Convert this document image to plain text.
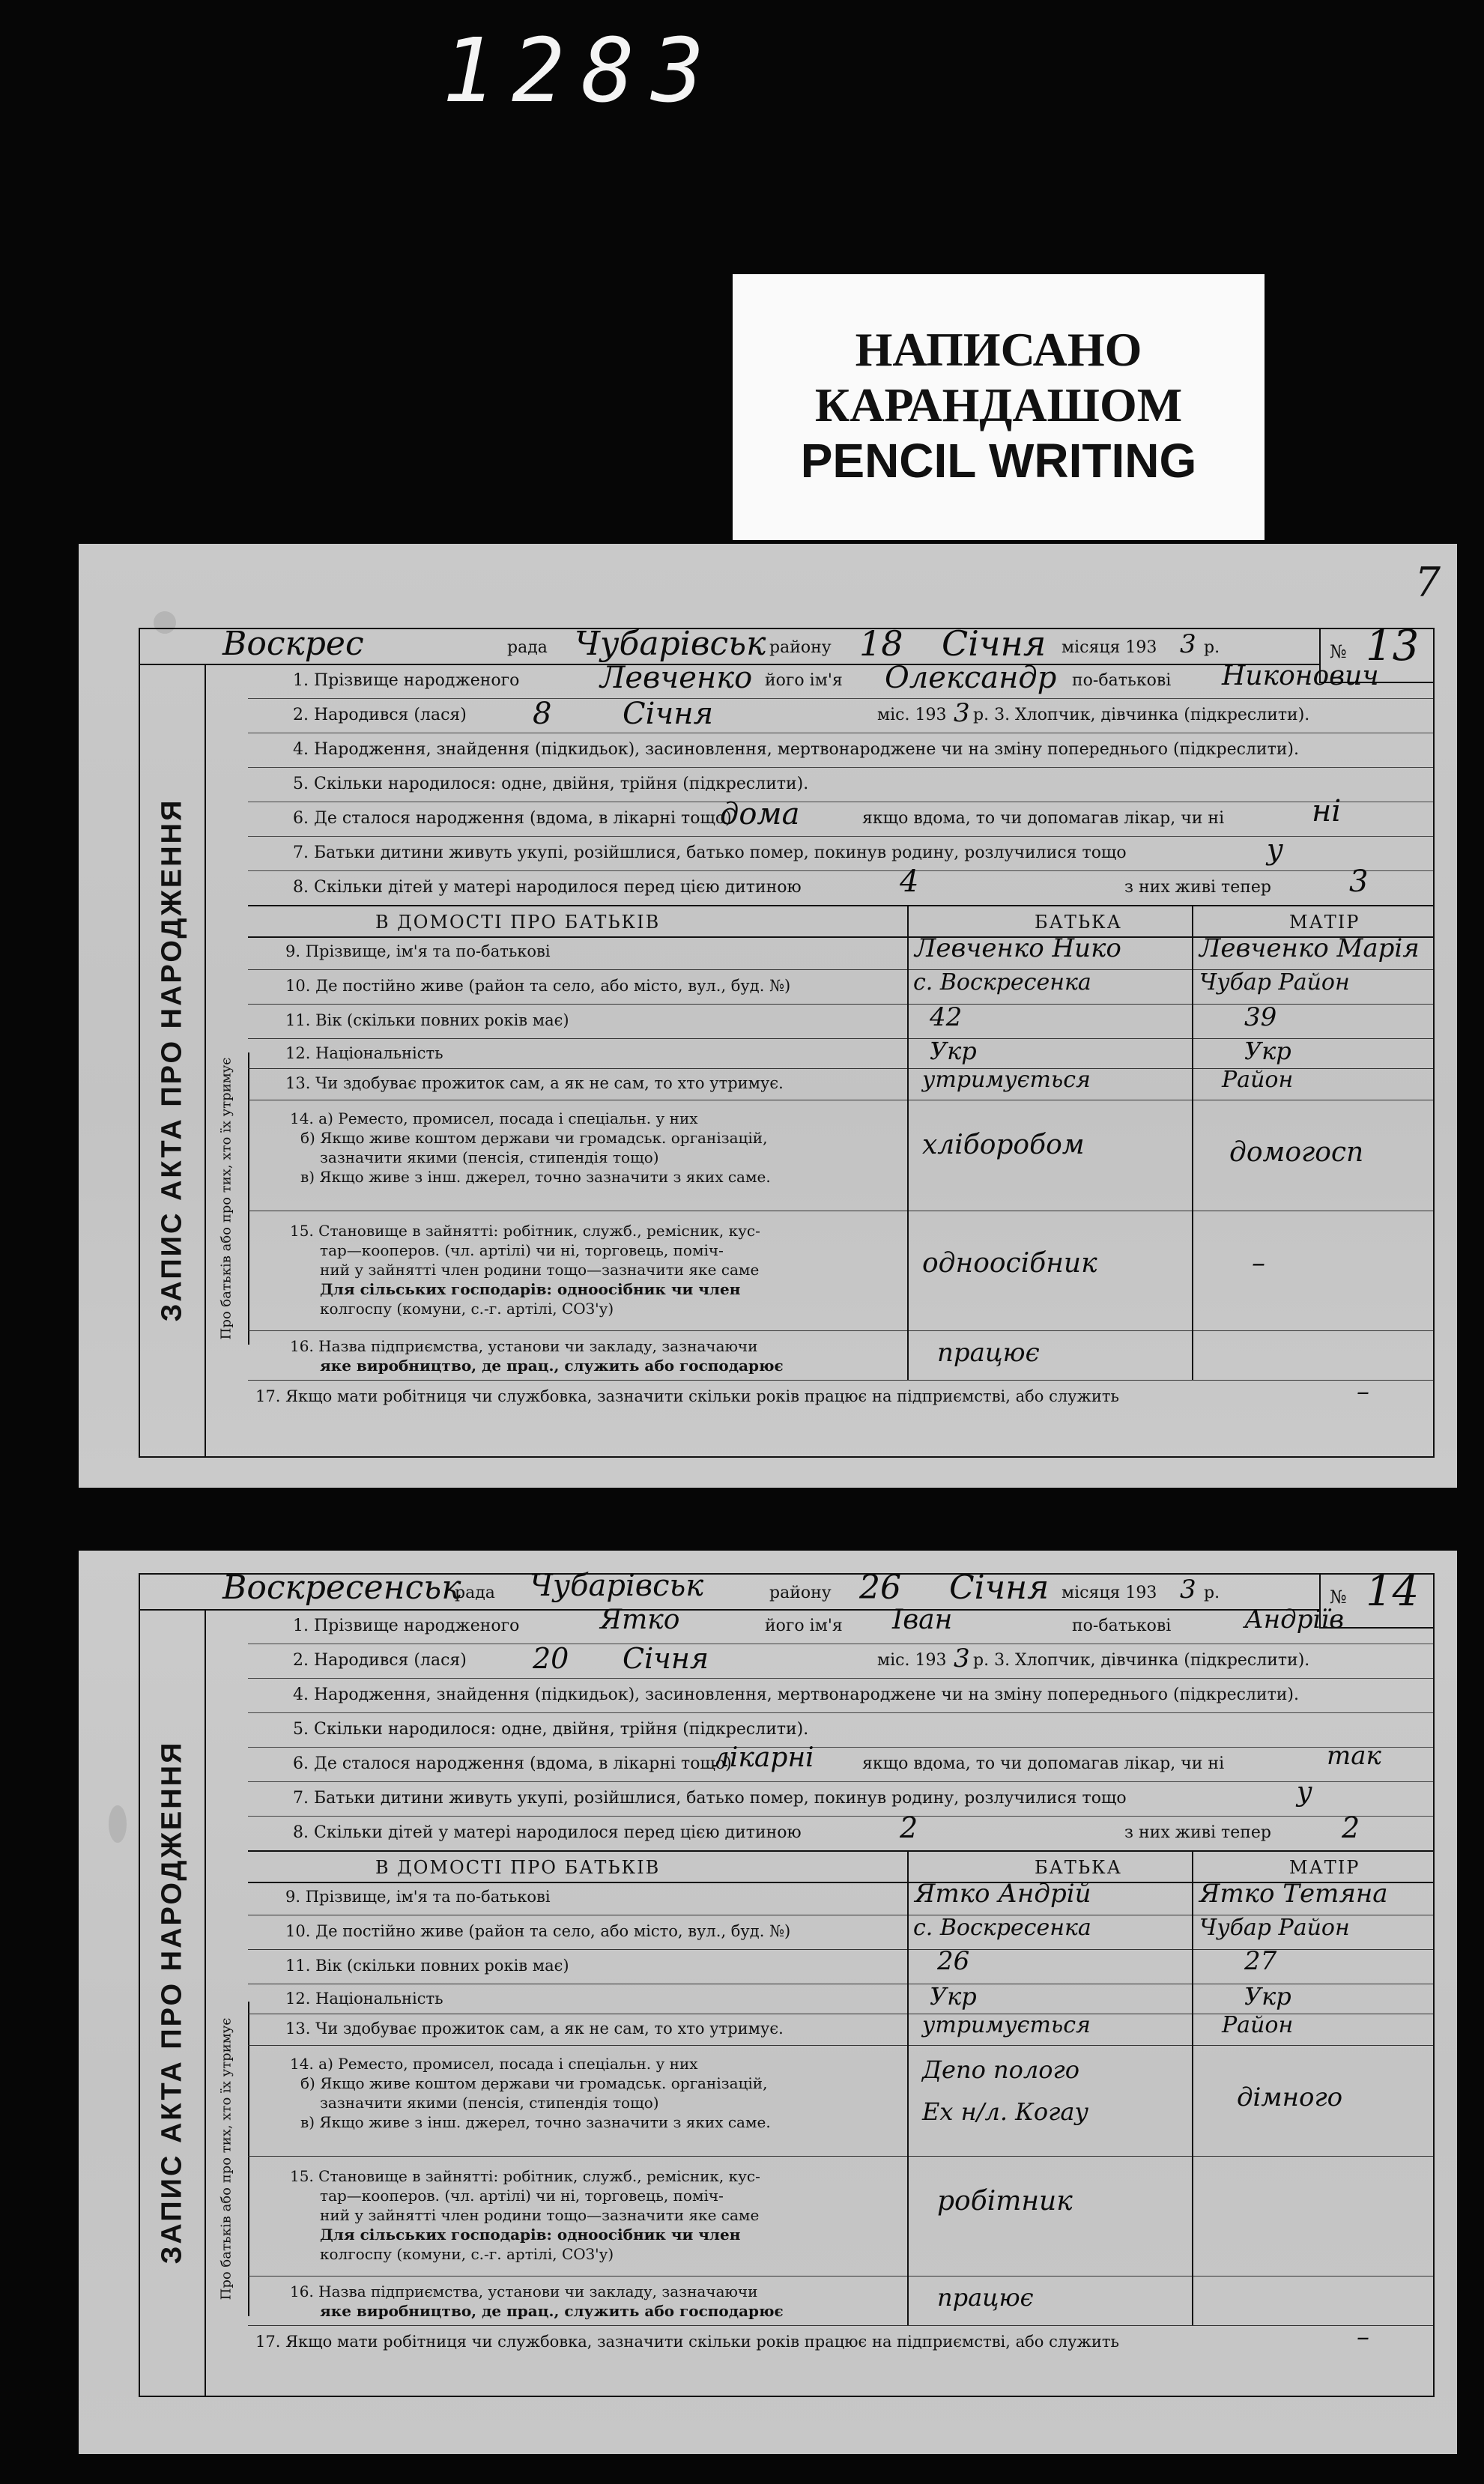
1283
НАПИСАНО
КАРАНДАШОМ
PENCIL WRITING
7
Воскрес	рада Чубарівськ району 18 Січня місяця 193 3 р.	№ 13
ЗАПИС АКТА ПРО НАРОДЖЕННЯ Про батьків або про тих, хто їх утримує
1. Прізвище народженого	Левченко його ім'я Олександр по-батькові Никонович
2. Народився (лася) 8 Січня	міс. 193 3 р. 3. Хлопчик, дівчинка (підкреслити).
4. Народження, знайдення (підкидьок), засиновлення, мертвонароджене чи на зміну попереднього (підкреслити).
5. Скільки народилося: одне, двійня, трійня (підкреслити).
6. Де сталося народження (вдома, в лікарні тощо)
дома	якщо вдома, то чи допомагав лікар, чи ні	ні
7. Батьки дитини живуть укупі, розійшлися, батько помер, покинув родину, розлучилися тощо	у
8. Скільки дітей у матері народилося перед цією дитиною	4	з них живі тепер	3
В ДОМОСТІ ПРО БАТЬКІВ	БАТЬКА	МАТІР
9. Прізвище, ім'я та по-батькові	Левченко Нико	Левченко Марія
10. Де постійно живе (район та село, або місто, вул., буд. №)	с. Воскресенка	Чубар Район
11. Вік (скільки повних років має)	42	39
12. Національність	Укр	Укр
13. Чи здобуває прожиток сам, а як не сам, то хто утримує.	утримується	Район
14. а) Реместо, промисел, посада і спеціальн. у них
б) Якщо живе коштом держави чи громадськ. організацій,
зазначити якими (пенсія, стипендія тощо)
в) Якщо живе з інш. джерел, точно зазначити з яких саме.
хліборобом	домогосп
15. Становище в зайнятті: робітник, служб., ремісник, кус-
тар—кооперов. (чл. артілі) чи ні, торговець, поміч-
ний у зайнятті член родини тощо—зазначити яке саме
Для сільських господарів: одноосібник чи член
колгоспу (комуни, с.-г. артілі, СОЗ'у)
одноосібник	–
16. Назва підприємства, установи чи закладу, зазначаючи
яке виробництво, де прац., служить або господарює	працює
17. Якщо мати робітниця чи службовка, зазначити скільки років працює на підприємстві, або служить	–
Воскресенськ
рада Чубарівськ	району 26 Січня місяця 193 3 р.	№ 14
ЗАПИС АКТА ПРО НАРОДЖЕННЯ Про батьків або про тих, хто їх утримує
1. Прізвище народженого	Ятко	його ім'я Іван	по-батькові	Андріїв
2. Народився (лася) 20 Січня	міс. 193 3 р. 3. Хлопчик, дівчинка (підкреслити).
4. Народження, знайдення (підкидьок), засиновлення, мертвонароджене чи на зміну попереднього (підкреслити).
5. Скільки народилося: одне, двійня, трійня (підкреслити).
6. Де сталося народження (вдома, в лікарні тощо)
лікарні	якщо вдома, то чи допомагав лікар, чи ні	так
7. Батьки дитини живуть укупі, розійшлися, батько помер, покинув родину, розлучилися тощо	у
8. Скільки дітей у матері народилося перед цією дитиною	2	з них живі тепер 2
В ДОМОСТІ ПРО БАТЬКІВ	БАТЬКА	МАТІР
9. Прізвище, ім'я та по-батькові	Ятко Андрій	Ятко Тетяна
10. Де постійно живе (район та село, або місто, вул., буд. №)	с. Воскресенка	Чубар Район
11. Вік (скільки повних років має)	26	27
12. Національність	Укр	Укр
13. Чи здобуває прожиток сам, а як не сам, то хто утримує.	утримується	Район
14. а) Реместо, промисел, посада і спеціальн. у них
б) Якщо живе коштом держави чи громадськ. організацій,
зазначити якими (пенсія, стипендія тощо)
в) Якщо живе з інш. джерел, точно зазначити з яких саме.
Депо полого
Ех н/л. Когау	дімного
15. Становище в зайнятті: робітник, служб., ремісник, кус-
тар—кооперов. (чл. артілі) чи ні, торговець, поміч-
ний у зайнятті член родини тощо—зазначити яке саме
Для сільських господарів: одноосібник чи член
колгоспу (комуни, с.-г. артілі, СОЗ'у)
робітник
16. Назва підприємства, установи чи закладу, зазначаючи
яке виробництво, де прац., служить або господарює	працює
17. Якщо мати робітниця чи службовка, зазначити скільки років працює на підприємстві, або служить	–
